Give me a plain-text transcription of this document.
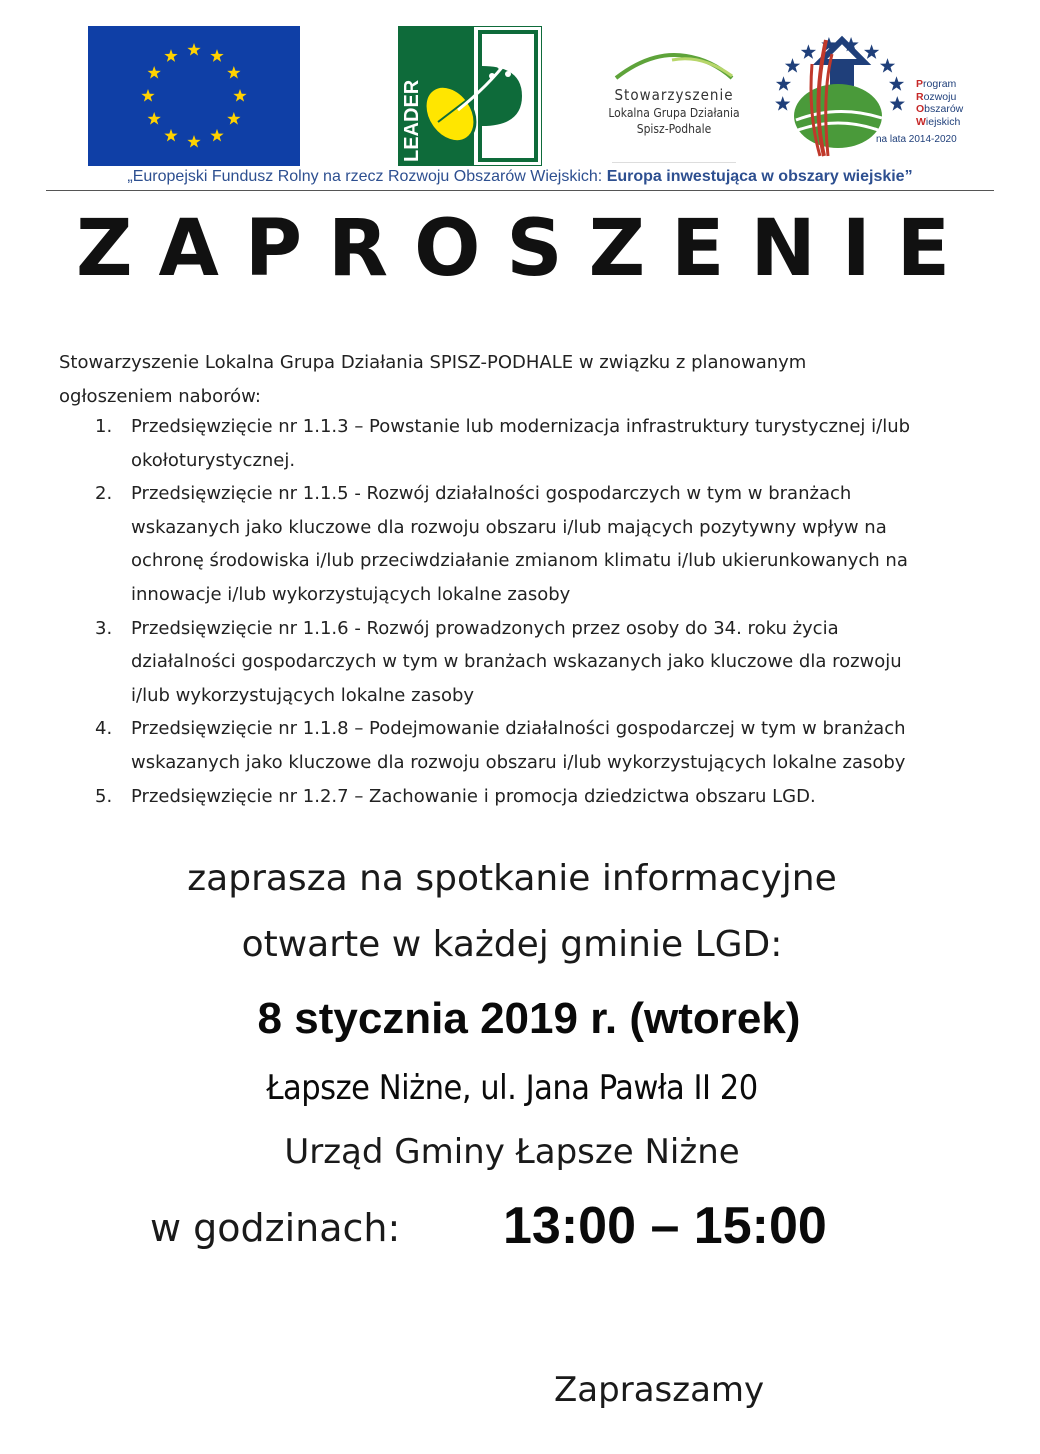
LEADER	Stowarzyszenie
Lokalna Grupa Działania
Spisz-Podhale
Program
Rozwoju
Obszarów
Wiejskich
na lata 2014-2020
„Europejski Fundusz Rolny na rzecz Rozwoju Obszarów Wiejskich: Europa inwestująca w obszary wiejskie”
ZAPROSZENIE
Stowarzyszenie Lokalna Grupa Działania SPISZ-PODHALE w związku z planowanym
ogłoszeniem naborów:
1. Przedsięwzięcie nr 1.1.3 – Powstanie lub modernizacja infrastruktury turystycznej i/lub
okołoturystycznej.
2. Przedsięwzięcie nr 1.1.5 - Rozwój działalności gospodarczych w tym w branżach
wskazanych jako kluczowe dla rozwoju obszaru i/lub mających pozytywny wpływ na
ochronę środowiska i/lub przeciwdziałanie zmianom klimatu i/lub ukierunkowanych na
innowacje i/lub wykorzystujących lokalne zasoby
3. Przedsięwzięcie nr 1.1.6 - Rozwój prowadzonych przez osoby do 34. roku życia
działalności gospodarczych w tym w branżach wskazanych jako kluczowe dla rozwoju
i/lub wykorzystujących lokalne zasoby
4. Przedsięwzięcie nr 1.1.8 – Podejmowanie działalności gospodarczej w tym w branżach
wskazanych jako kluczowe dla rozwoju obszaru i/lub wykorzystujących lokalne zasoby
5. Przedsięwzięcie nr 1.2.7 – Zachowanie i promocja dziedzictwa obszaru LGD.
zaprasza na spotkanie informacyjne
otwarte w każdej gminie LGD:
8 stycznia 2019 r. (wtorek)
Łapsze Niżne, ul. Jana Pawła II 20
Urząd Gminy Łapsze Niżne
w godzinach: 13:00 – 15:00
Zapraszamy
